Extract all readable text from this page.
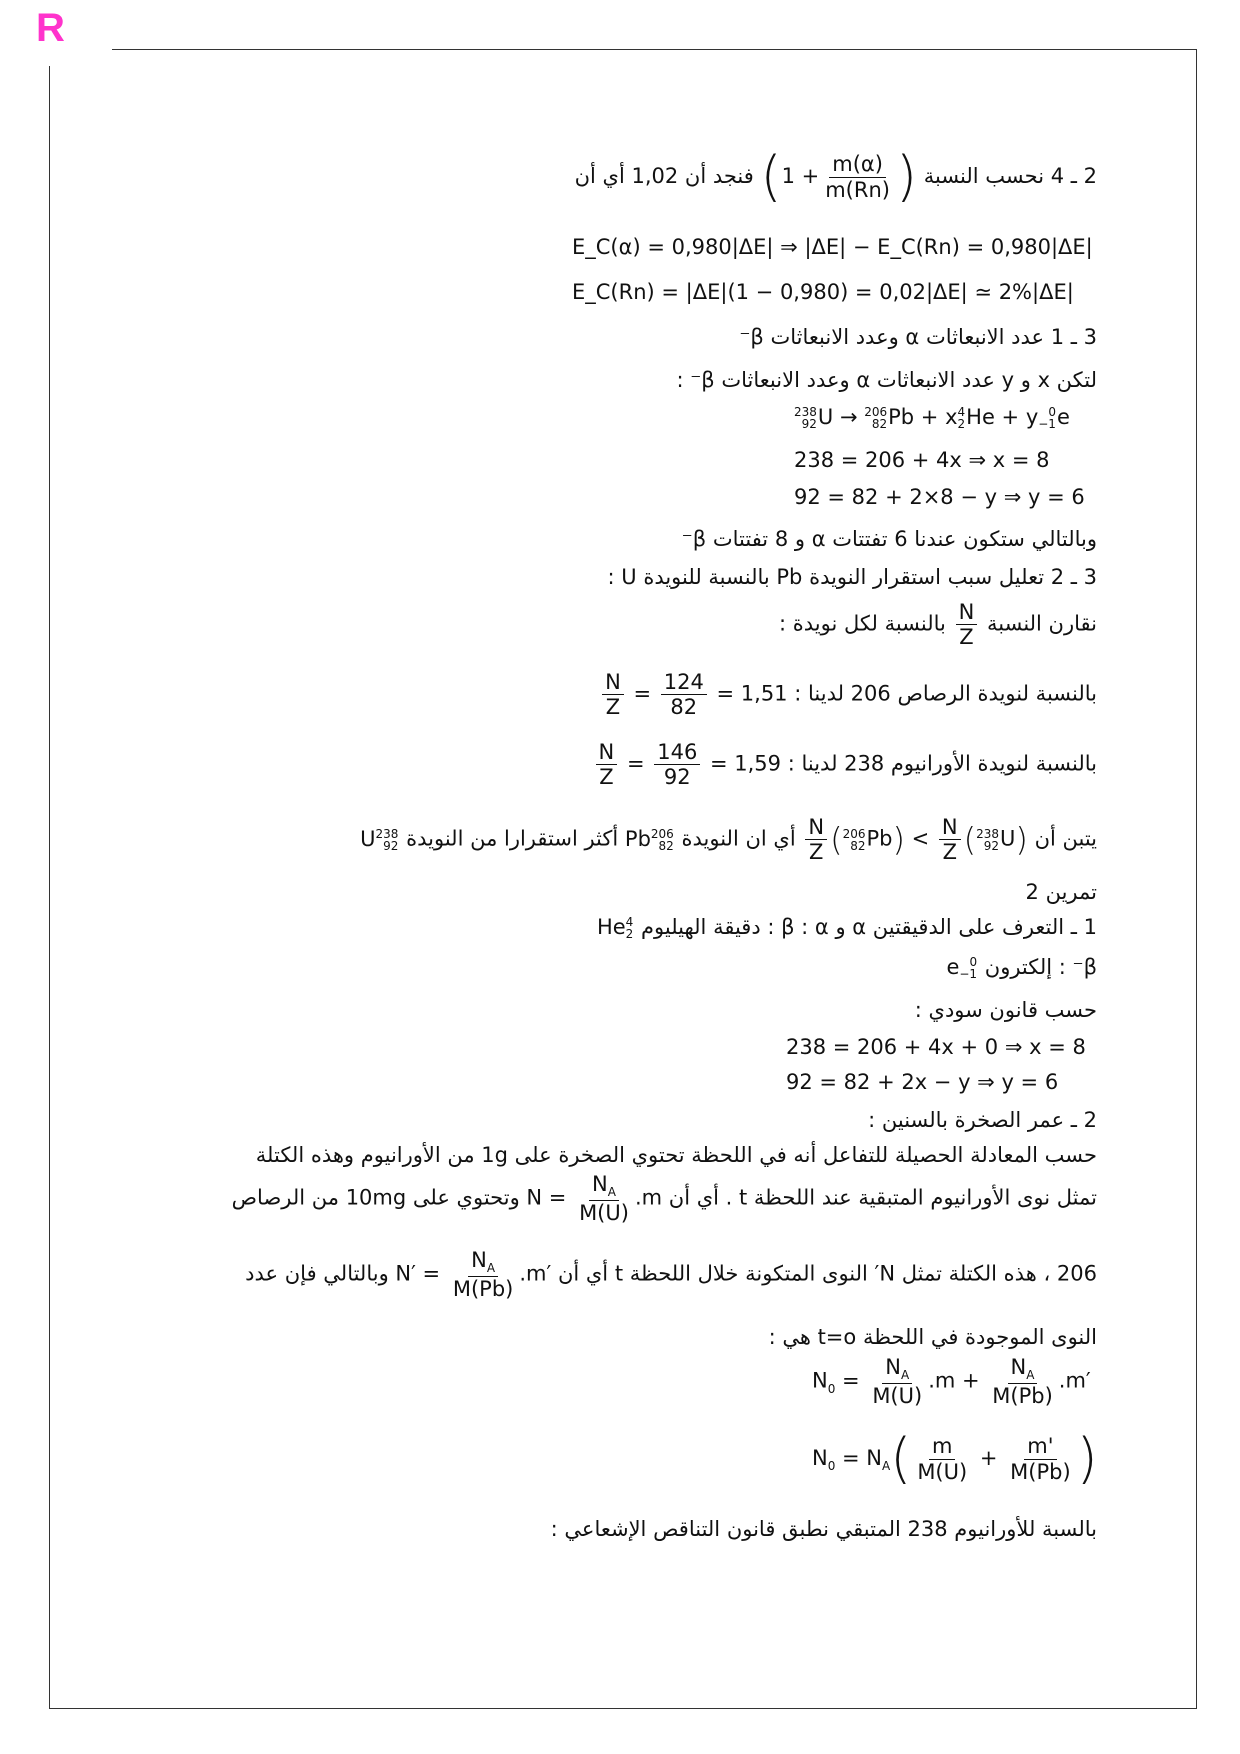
R
2 ـ 4 نحسب النسبة ($1 + \frac{m(\alpha)}{m(Rn)}$ ) فنجد أن 1,02 أي أن
E_C(α) = 0,980|ΔE| ⇒ |ΔE| − E_C(Rn) = 0,980|ΔE|
E_C(Rn) = |ΔE|(1 − 0,980) = 0,02|ΔE| ≃ 2%|ΔE|
3 ـ 1 عدد الانبعاثات α وعدد الانبعاثات β⁻
لتكن x و y عدد الانبعاثات α وعدد الانبعاثات β⁻ :
238
92 U → 206
82 Pb + x 4
2 He + y 0
−1 e
238 = 206 + 4x ⇒ x = 8
92 = 82 + 2×8 − y ⇒ y = 6
وبالتالي ستكون عندنا 6 تفتتات α و 8 تفتتات β⁻
3 ـ 2 تعليل سبب استقرار النويدة Pb بالنسبة للنويدة U :
نقارن النسبة
$\frac{N}{Z}$
بالنسبة لكل نويدة :
بالنسبة لنويدة الرصاص 206 لدينا :
$\frac{N}{Z} = \frac{124}{82} = 1,51$
بالنسبة لنويدة الأورانيوم 238 لدينا :
$\frac{N}{Z} = \frac{146}{92} = 1,59$
يتبن أن
$\frac{N}{Z}$ ( 206
82 $Pb) < \frac{N}{Z}$ ( 238
92 U) أي ان النويدة
206
82
Pb أكثر استقرارا من النويدة
238
92
U
تمرين 2
1 ـ التعرف على الدقيقتين α و β : α : دقيقة الهيليوم
4
2
He
β⁻ : إلكترون
0
−1
e
حسب قانون سودي :
238 = 206 + 4x + 0 ⇒ x = 8
92 = 82 + 2x − y ⇒ y = 6
2 ـ عمر الصخرة بالسنين :
حسب المعادلة الحصيلة للتفاعل أنه في اللحظة تحتوي الصخرة على 1g من الأورانيوم وهذه الكتلة
تمثل نوى الأورانيوم المتبقية عند اللحظة t . أي أن $N = \frac{N_A}{M(U)} .m$ وتحتوي على 10mg من الرصاص
206 ، هذه الكتلة تمثل N′ النوى المتكونة خلال اللحظة t أي أن $N' = \frac{N_A}{M(Pb)} .m'$ وبالتالي فإن عدد
النوى الموجودة في اللحظة t=o هي :
$N_0 = \frac{N_A}{M(U)} .m + \frac{N_A}{M(Pb)} .m'$
$N_0 = N_A( \frac{m}{M(U)} + \frac{m'}{M(Pb)}$ )
بالسبة للأورانيوم 238 المتبقي نطبق قانون التناقص الإشعاعي :
